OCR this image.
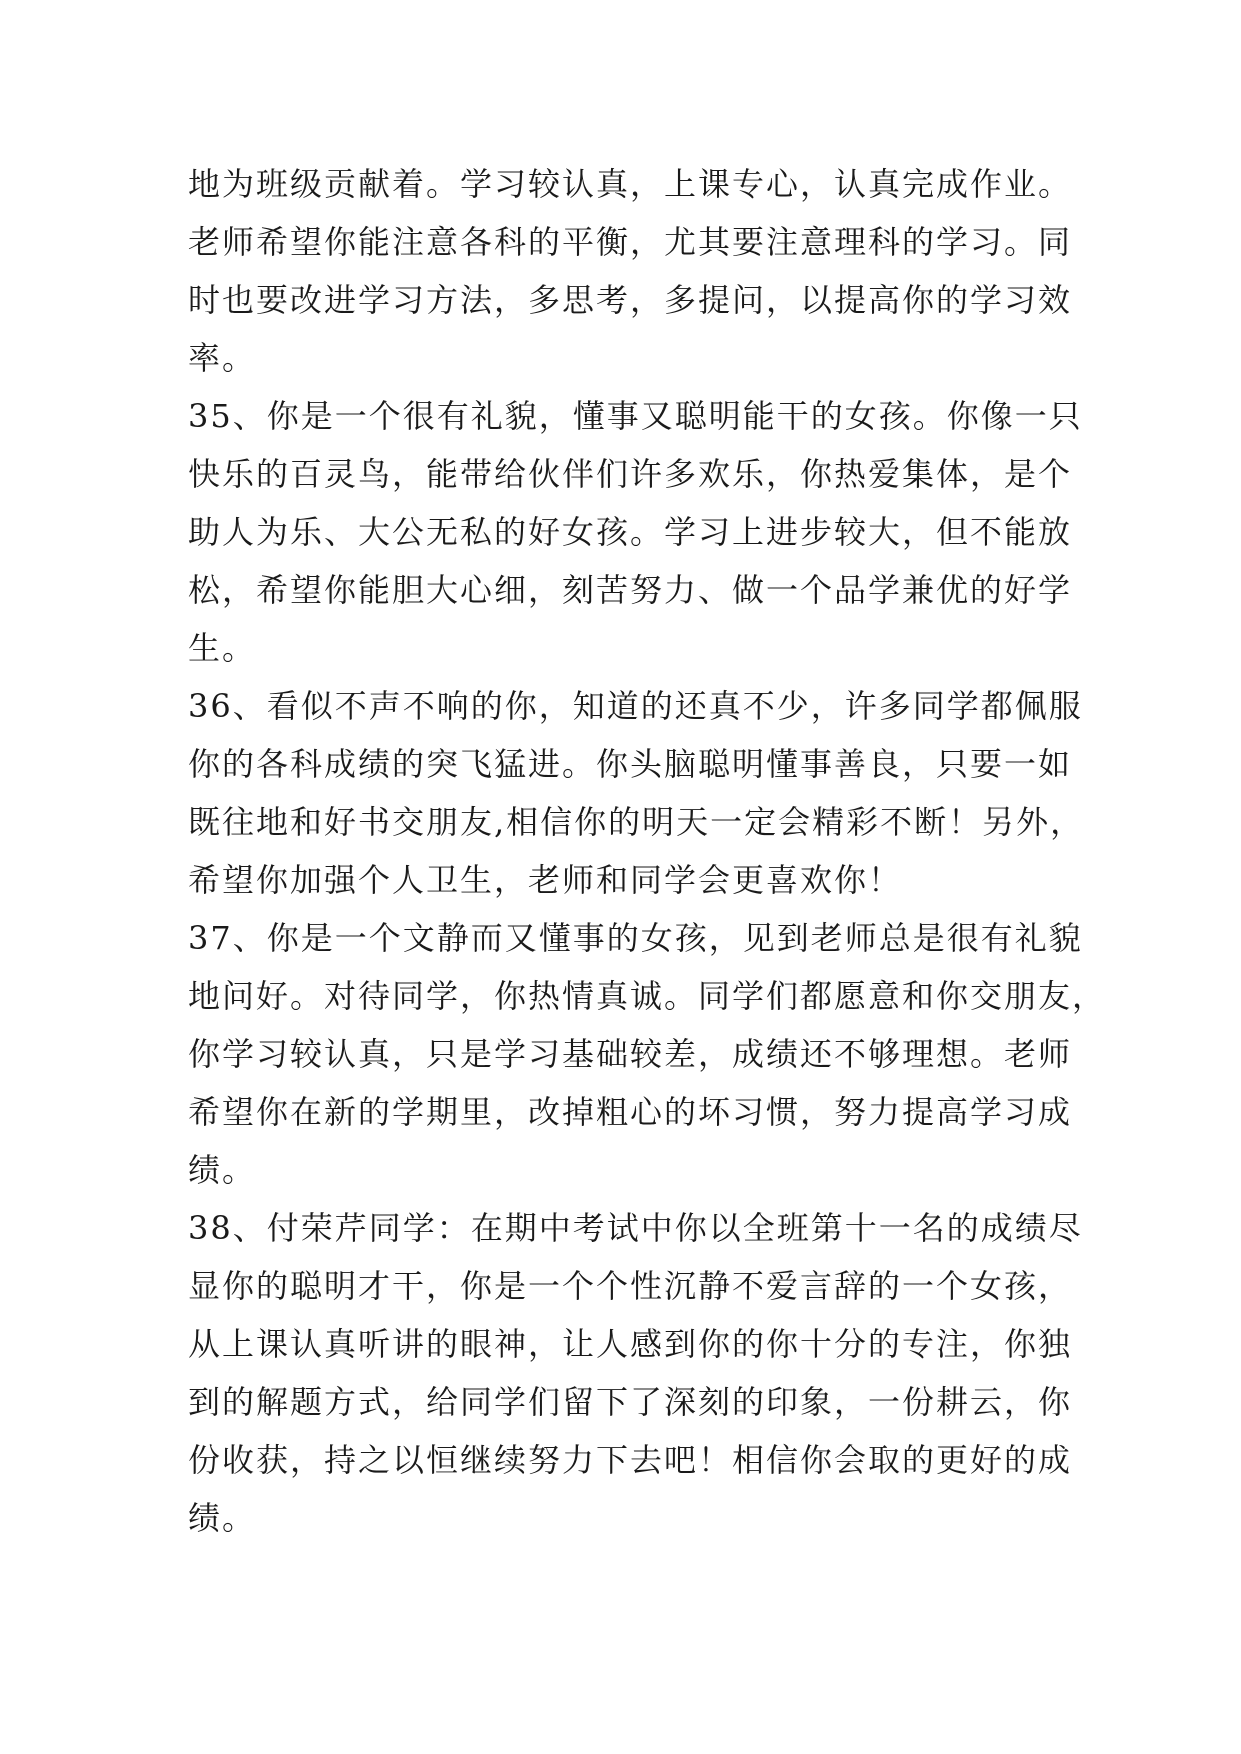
地为班级贡献着。学习较认真，上课专心，认真完成作业。
老师希望你能注意各科的平衡，尤其要注意理科的学习。同
时也要改进学习方法，多思考，多提问，以提高你的学习效
率。
35、你是一个很有礼貌，懂事又聪明能干的女孩。你像一只
快乐的百灵鸟，能带给伙伴们许多欢乐，你热爱集体，是个
助人为乐、大公无私的好女孩。学习上进步较大，但不能放
松，希望你能胆大心细，刻苦努力、做一个品学兼优的好学
生。
36、看似不声不响的你，知道的还真不少，许多同学都佩服
你的各科成绩的突飞猛进。你头脑聪明懂事善良，只要一如
既往地和好书交朋友,相信你的明天一定会精彩不断！另外，
希望你加强个人卫生，老师和同学会更喜欢你！
37、你是一个文静而又懂事的女孩，见到老师总是很有礼貌
地问好。对待同学，你热情真诚。同学们都愿意和你交朋友，
你学习较认真，只是学习基础较差，成绩还不够理想。老师
希望你在新的学期里，改掉粗心的坏习惯，努力提高学习成
绩。
38、付荣芹同学：在期中考试中你以全班第十一名的成绩尽
显你的聪明才干，你是一个个性沉静不爱言辞的一个女孩，
从上课认真听讲的眼神，让人感到你的你十分的专注，你独
到的解题方式，给同学们留下了深刻的印象，一份耕云，你
份收获，持之以恒继续努力下去吧！相信你会取的更好的成
绩。
